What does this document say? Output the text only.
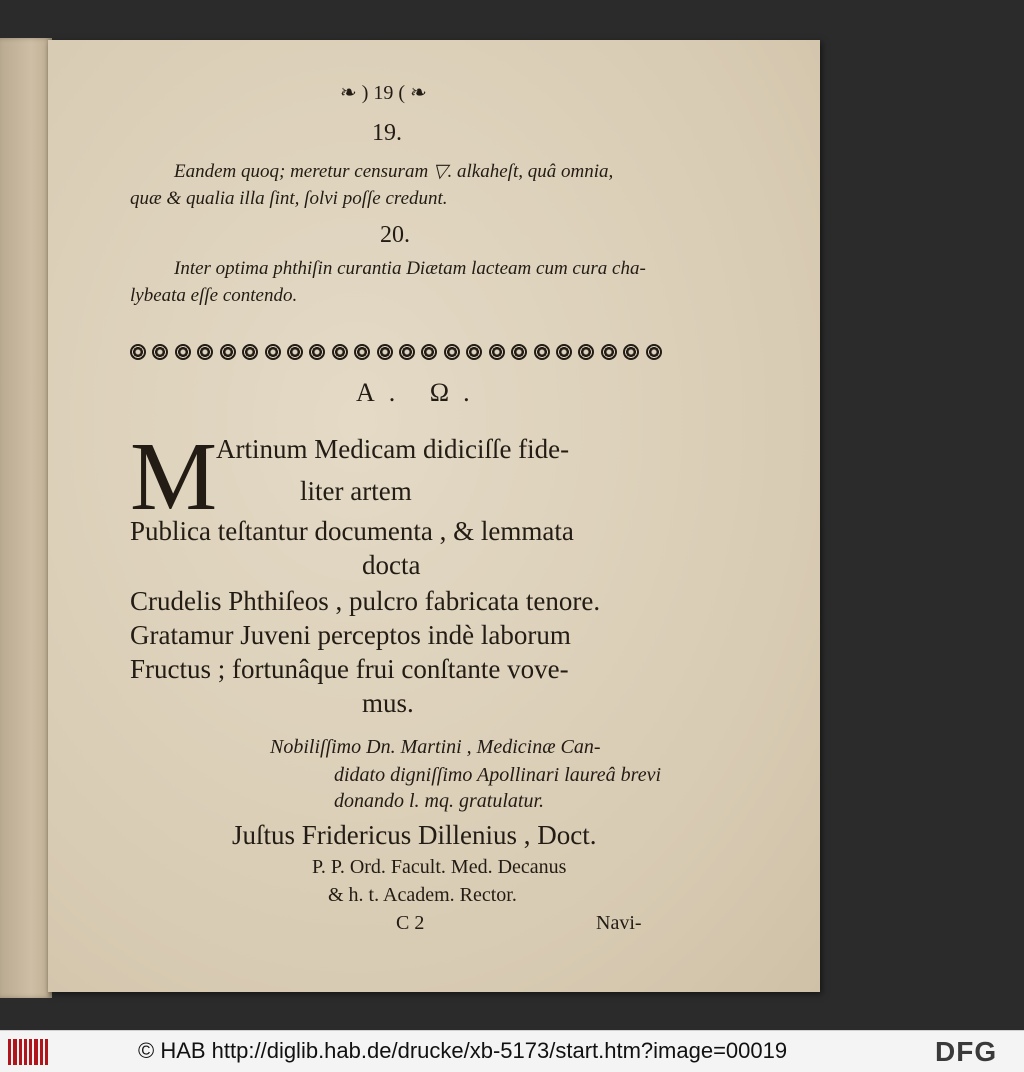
❧ ) 19 ( ❧
19.
Eandem quoq; meretur censuram ▽. alkaheſt, quâ omnia,
quæ & qualia illa ſint, ſolvi poſſe credunt.
20.
Inter optima phthiſin curantia Diætam lacteam cum cura cha-
lybeata eſſe contendo.
A. Ω.
M
Artinum Medicam didiciſſe fide-
liter artem
Publica teſtantur documenta , & lemmata
docta
Crudelis Phthiſeos , pulcro fabricata tenore.
Gratamur Juveni perceptos indè laborum
Fructus ; fortunâque frui conſtante vove-
mus.
Nobiliſſimo Dn. Martini , Medicinæ Can-
didato digniſſimo Apollinari laureâ brevi
donando l. mq. gratulatur.
Juſtus Fridericus Dillenius , Doct.
P. P. Ord. Facult. Med. Decanus
& h. t. Academ. Rector.
C 2	Navi-
© HAB http://diglib.hab.de/drucke/xb-5173/start.htm?image=00019	DFG
